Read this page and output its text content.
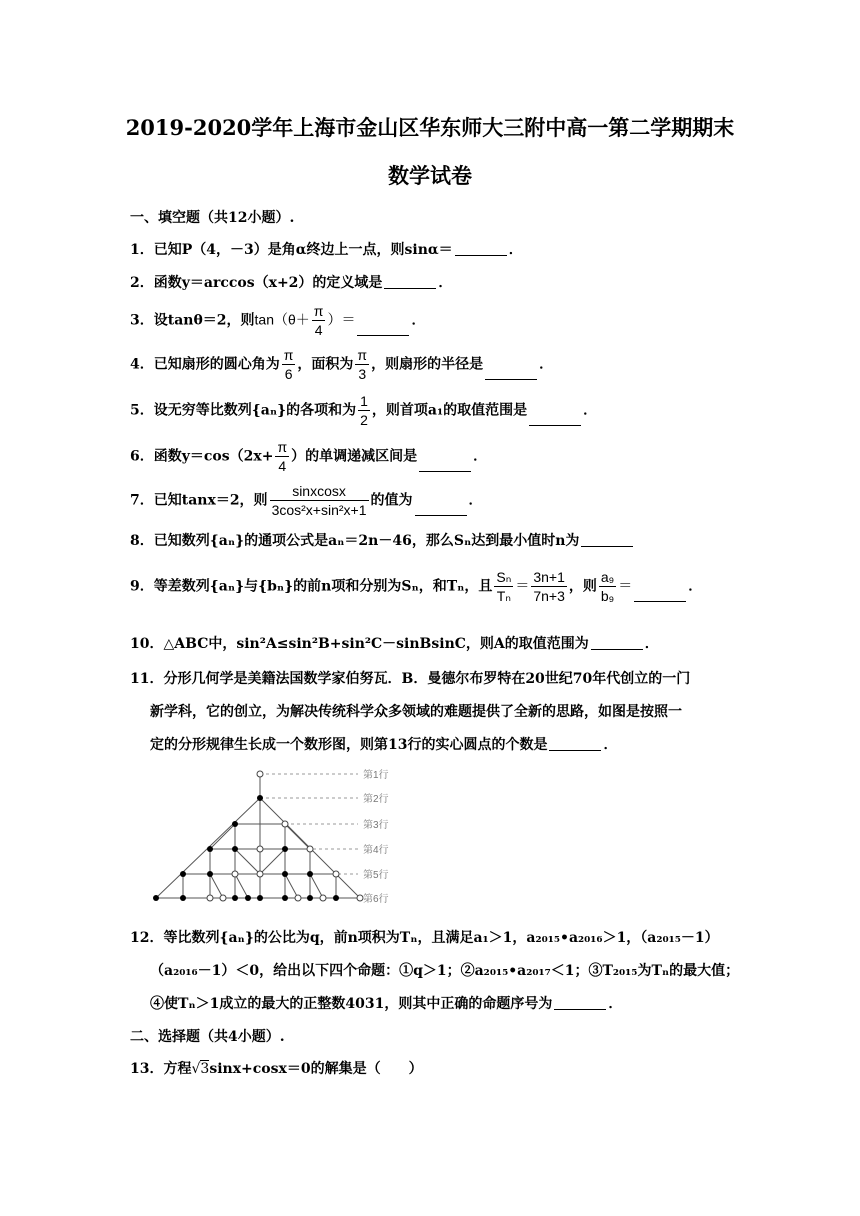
2019-2020学年上海市金山区华东师大三附中高一第二学期期末
数学试卷
一、填空题（共12小题）.
1．已知P（4，－3）是角α终边上一点，则sinα＝	．
2．函数y＝arccos（x+2）的定义域是	．
3．设tanθ＝2，则$\tan(\theta+ \frac{\pi}{4}$ ）＝	．
4．已知扇形的圆心角为 $\frac{\pi}{6}$ ，面积为 $\frac{\pi}{3}$ ，则扇形的半径是	．
5．设无穷等比数列{aₙ}的各项和为 $\frac{1}{2}$ ，则首项a₁的取值范围是	．
6．函数$y=\cos(2x+ \frac{\pi}{4}$ ）的单调递减区间是	．
7．已知tanx＝2，则 $\frac{\text{sinxcosx}}{\text{3cos²x+sin²x+1}}$ 的值为	．
8．已知数列{aₙ}的通项公式是aₙ＝2n－46，那么Sₙ达到最小值时n为
9．等差数列{aₙ}与{bₙ}的前n项和分别为Sₙ，和Tₙ，且 $\frac{\text{Sₙ}}{\text{Tₙ}} = \frac{3n+1}{7n+3}$ ，则 $\frac{\text{a₉}}{\text{b₉}}$ ＝	．
10．△ABC中，sin²A≤sin²B+sin²C－sinBsinC，则A的取值范围为	．
11．分形几何学是美籍法国数学家伯努瓦．B．曼德尔布罗特在20世纪70年代创立的一门
新学科，它的创立，为解决传统科学众多领域的难题提供了全新的思路，如图是按照一
定的分形规律生长成一个数形图，则第13行的实心圆点的个数是	．
第1行
第2行
第3行
第4行
第5行
第6行
12．等比数列{aₙ}的公比为q，前n项积为Tₙ，且满足a₁＞1，a₂₀₁₅•a₂₀₁₆＞1，（a₂₀₁₅－1）
（a₂₀₁₆－1）＜0，给出以下四个命题：①q＞1；②a₂₀₁₅•a₂₀₁₇＜1；③T₂₀₁₅为Tₙ的最大值；
④使Tₙ＞1成立的最大的正整数4031，则其中正确的命题序号为	．
二、选择题（共4小题）.
13．方程√3sinx+cosx＝0的解集是（　　）
